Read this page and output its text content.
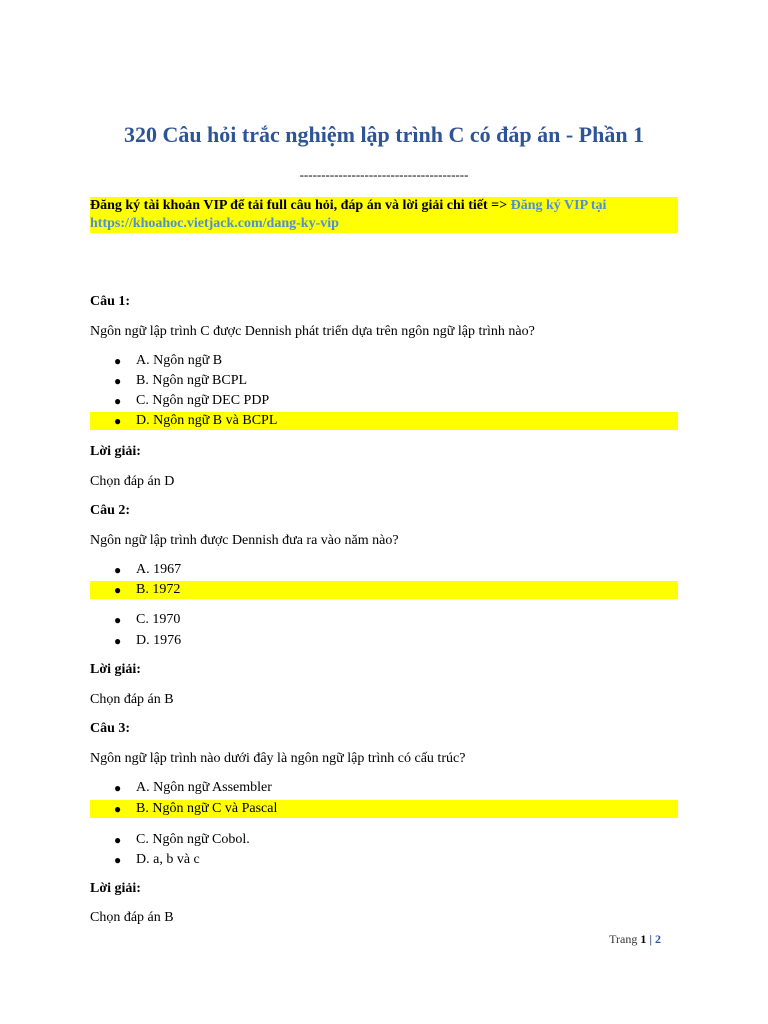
320 Câu hỏi trắc nghiệm lập trình C có đáp án - Phần 1
---------------------------------------
Đăng ký tài khoản VIP để tải full câu hỏi, đáp án và lời giải chi tiết => Đăng ký VIP tại https://khoahoc.vietjack.com/dang-ky-vip
Câu 1:
Ngôn ngữ lập trình C được Dennish phát triển dựa trên ngôn ngữ lập trình nào?
● A. Ngôn ngữ B
● B. Ngôn ngữ BCPL
● C. Ngôn ngữ DEC PDP
● D. Ngôn ngữ B và BCPL
Lời giải:
Chọn đáp án D
Câu 2:
Ngôn ngữ lập trình được Dennish đưa ra vào năm nào?
● A. 1967
● B. 1972
● C. 1970
● D. 1976
Lời giải:
Chọn đáp án B
Câu 3:
Ngôn ngữ lập trình nào dưới đây là ngôn ngữ lập trình có cấu trúc?
● A. Ngôn ngữ Assembler
● B. Ngôn ngữ C và Pascal
● C. Ngôn ngữ Cobol.
● D. a, b và c
Lời giải:
Chọn đáp án B
Trang 1 | 2
